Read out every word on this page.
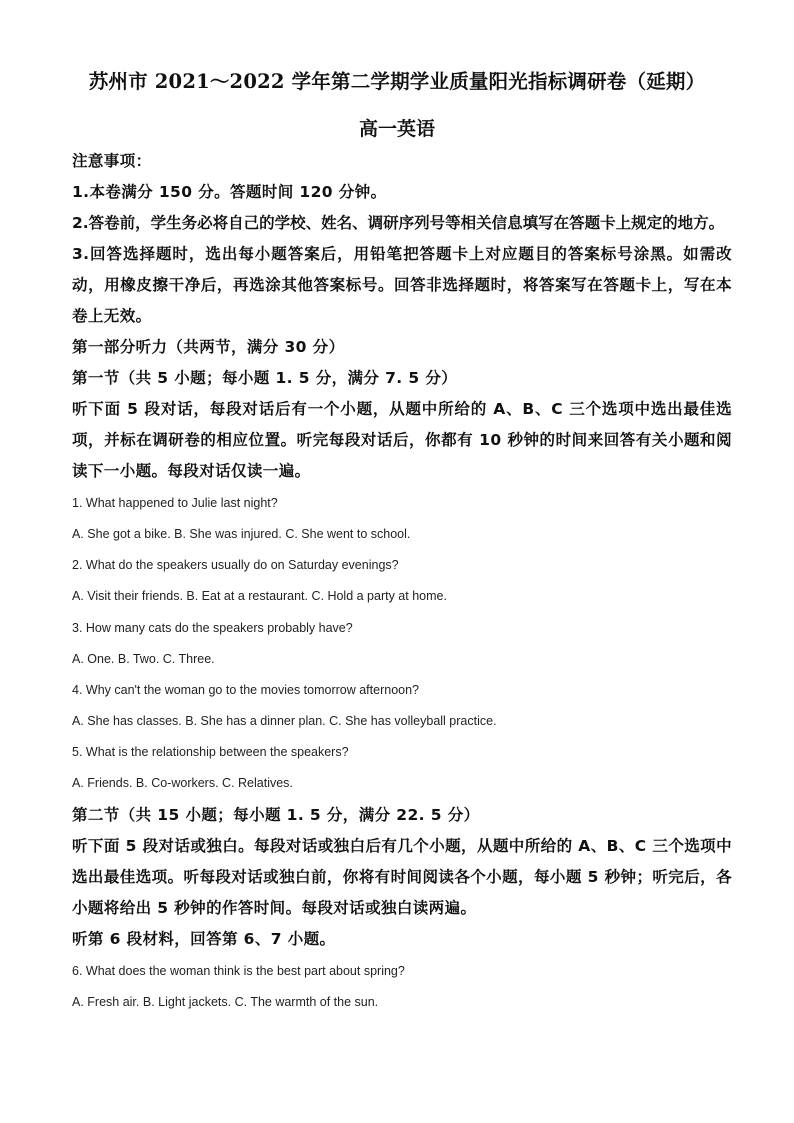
苏州市 2021～2022 学年第二学期学业质量阳光指标调研卷（延期）
高一英语
注意事项：
1.本卷满分 150 分。答题时间 120 分钟。
2.答卷前，学生务必将自己的学校、姓名、调研序列号等相关信息填写在答题卡上规定的地方。
3.回答选择题时，选出每小题答案后，用铅笔把答题卡上对应题目的答案标号涂黑。如需改动，用橡皮擦干净后，再选涂其他答案标号。回答非选择题时，将答案写在答题卡上，写在本卷上无效。
第一部分听力（共两节，满分 30 分）
第一节（共 5 小题；每小题 1. 5 分，满分 7. 5 分）
听下面 5 段对话，每段对话后有一个小题，从题中所给的 A、B、C 三个选项中选出最佳选项，并标在调研卷的相应位置。听完每段对话后，你都有 10 秒钟的时间来回答有关小题和阅读下一小题。每段对话仅读一遍。
1. What happened to Julie last night?
A. She got a bike. B. She was injured. C. She went to school.
2. What do the speakers usually do on Saturday evenings?
A. Visit their friends. B. Eat at a restaurant. C. Hold a party at home.
3. How many cats do the speakers probably have?
A. One. B. Two. C. Three.
4. Why can't the woman go to the movies tomorrow afternoon?
A. She has classes. B. She has a dinner plan. C. She has volleyball practice.
5. What is the relationship between the speakers?
A. Friends. B. Co-workers. C. Relatives.
第二节（共 15 小题；每小题 1. 5 分，满分 22. 5 分）
听下面 5 段对话或独白。每段对话或独白后有几个小题，从题中所给的 A、B、C 三个选项中选出最佳选项。听每段对话或独白前，你将有时间阅读各个小题，每小题 5 秒钟；听完后，各小题将给出 5 秒钟的作答时间。每段对话或独白读两遍。
听第 6 段材料，回答第 6、7 小题。
6. What does the woman think is the best part about spring?
A. Fresh air. B. Light jackets. C. The warmth of the sun.
